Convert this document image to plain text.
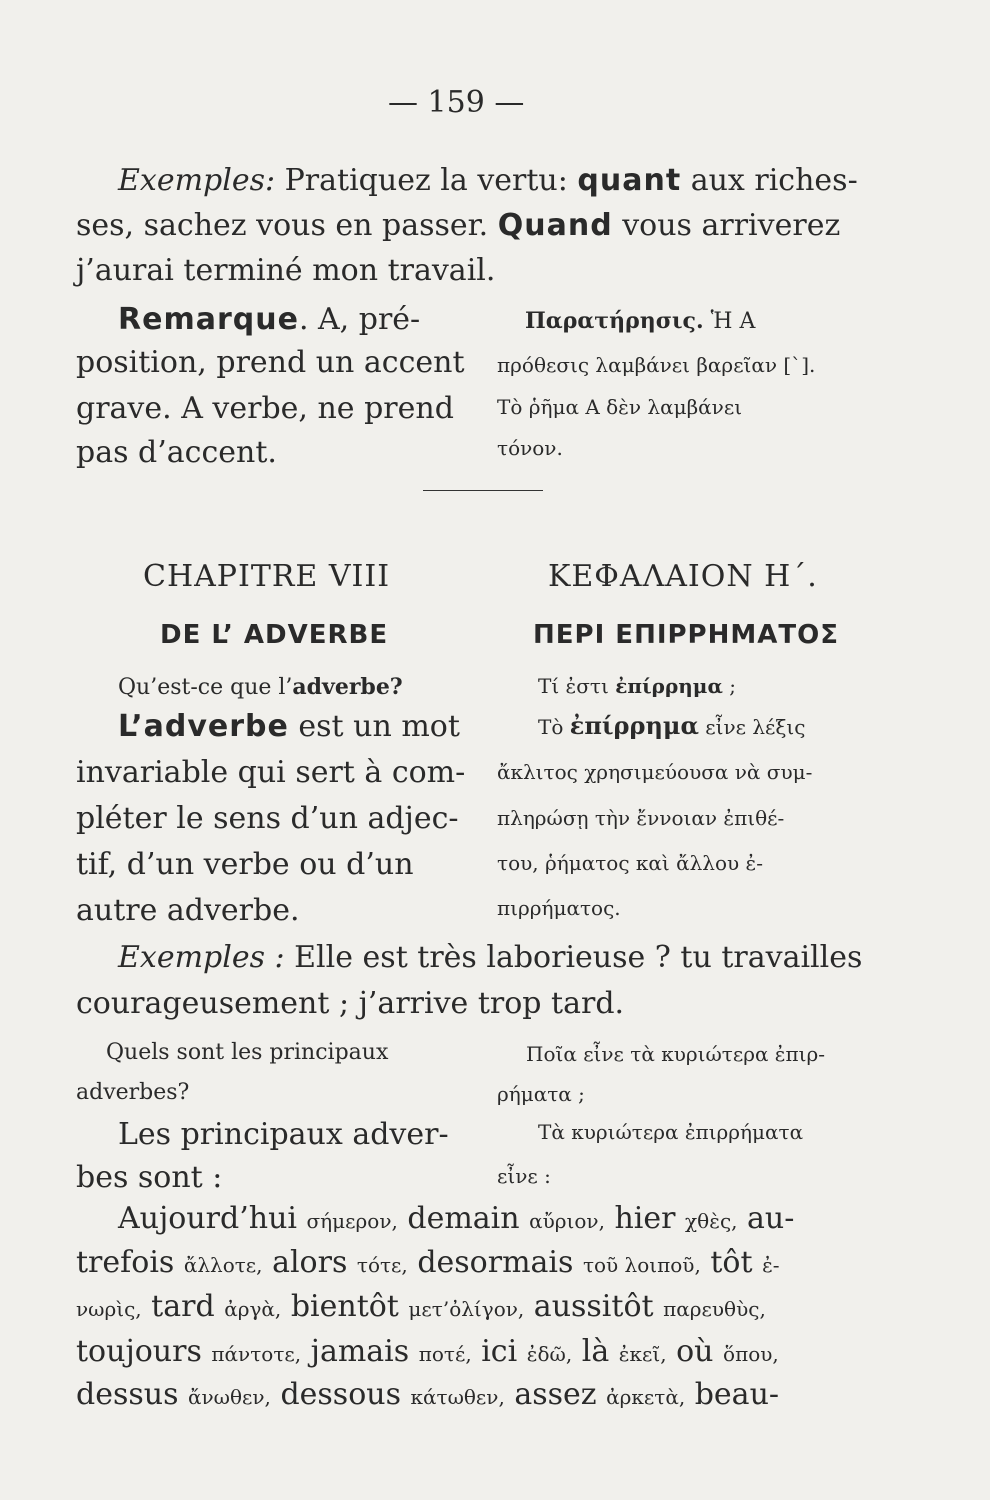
— 159 —
Exemples: Pratiquez la vertu: quant aux riches-
ses, sachez vous en passer. Quand vous arriverez
j’aurai terminé mon travail.
Remarque. A, pré-
position, prend un accent
grave. A verbe, ne prend
pas d’accent.
Παρατήρησις. Ἡ A
πρόθεσις λαμβάνει βαρεῖαν [`].
Τὸ ῥῆμα A δὲν λαμβάνει
τόνον.
CHAPITRE VIII	ΚΕΦΑΛΑΙΟΝ Η΄.
DE L’ ADVERBE	ΠΕΡΙ ΕΠΙΡΡΗΜΑΤΟΣ
Qu’est-ce que l’adverbe?	Τί ἐστι ἐπίρρημα ;
L’adverbe est un mot
invariable qui sert à com-
pléter le sens d’un adjec-
tif, d’un verbe ou d’un
autre adverbe.
Τὸ ἐπίρρημα εἶνε λέξις
ἄκλιτος χρησιμεύουσα νὰ συμ-
πληρώσῃ τὴν ἔννοιαν ἐπιθέ-
του, ῥήματος καὶ ἄλλου ἐ-
πιρρήματος.
Exemples : Elle est très laborieuse ? tu travailles
courageusement ; j’arrive trop tard.
Quels sont les principaux
adverbes?
Ποῖα εἶνε τὰ κυριώτερα ἐπιρ-
ρήματα ;
Les principaux adver-
bes sont :
Τὰ κυριώτερα ἐπιρρήματα
εἶνε :
Aujourd’hui σήμερον, demain αὔριον, hier χθὲς, au-
trefois ἄλλοτε, alors τότε, desormais τοῦ λοιποῦ, tôt ἐ-
νωρὶς, tard ἀργὰ, bientôt μετ’ὀλίγον, aussitôt παρευθὺς,
toujours πάντοτε, jamais ποτέ, ici ἐδῶ, là ἐκεῖ, où ὅπου,
dessus ἄνωθεν, dessous κάτωθεν, assez ἀρκετὰ, beau-
